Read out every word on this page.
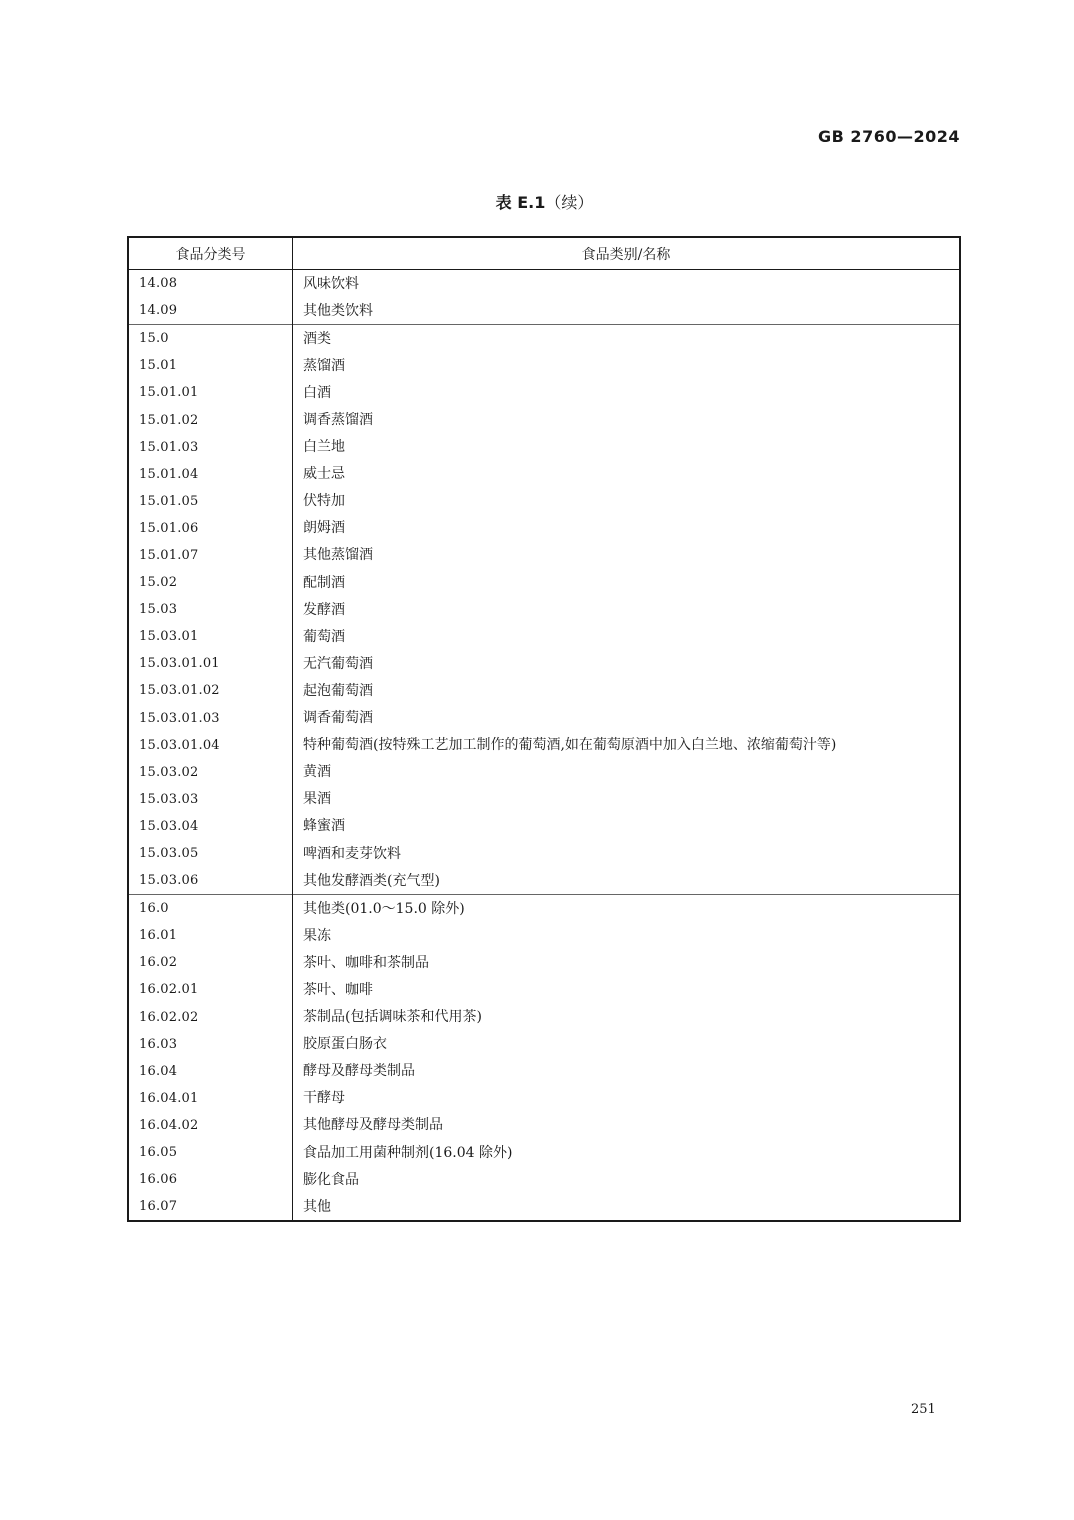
GB 2760—2024
表 E.1（续）
食品分类号	食品类别/名称
14.08	风味饮料
14.09	其他类饮料
15.0	酒类
15.01	蒸馏酒
15.01.01	白酒
15.01.02	调香蒸馏酒
15.01.03	白兰地
15.01.04	威士忌
15.01.05	伏特加
15.01.06	朗姆酒
15.01.07	其他蒸馏酒
15.02	配制酒
15.03	发酵酒
15.03.01	葡萄酒
15.03.01.01	无汽葡萄酒
15.03.01.02	起泡葡萄酒
15.03.01.03	调香葡萄酒
15.03.01.04	特种葡萄酒(按特殊工艺加工制作的葡萄酒,如在葡萄原酒中加入白兰地、浓缩葡萄汁等)
15.03.02	黄酒
15.03.03	果酒
15.03.04	蜂蜜酒
15.03.05	啤酒和麦芽饮料
15.03.06	其他发酵酒类(充气型)
16.0	其他类(01.0～15.0 除外)
16.01	果冻
16.02	茶叶、咖啡和茶制品
16.02.01	茶叶、咖啡
16.02.02	茶制品(包括调味茶和代用茶)
16.03	胶原蛋白肠衣
16.04	酵母及酵母类制品
16.04.01	干酵母
16.04.02	其他酵母及酵母类制品
16.05	食品加工用菌种制剂(16.04 除外)
16.06	膨化食品
16.07	其他
251
